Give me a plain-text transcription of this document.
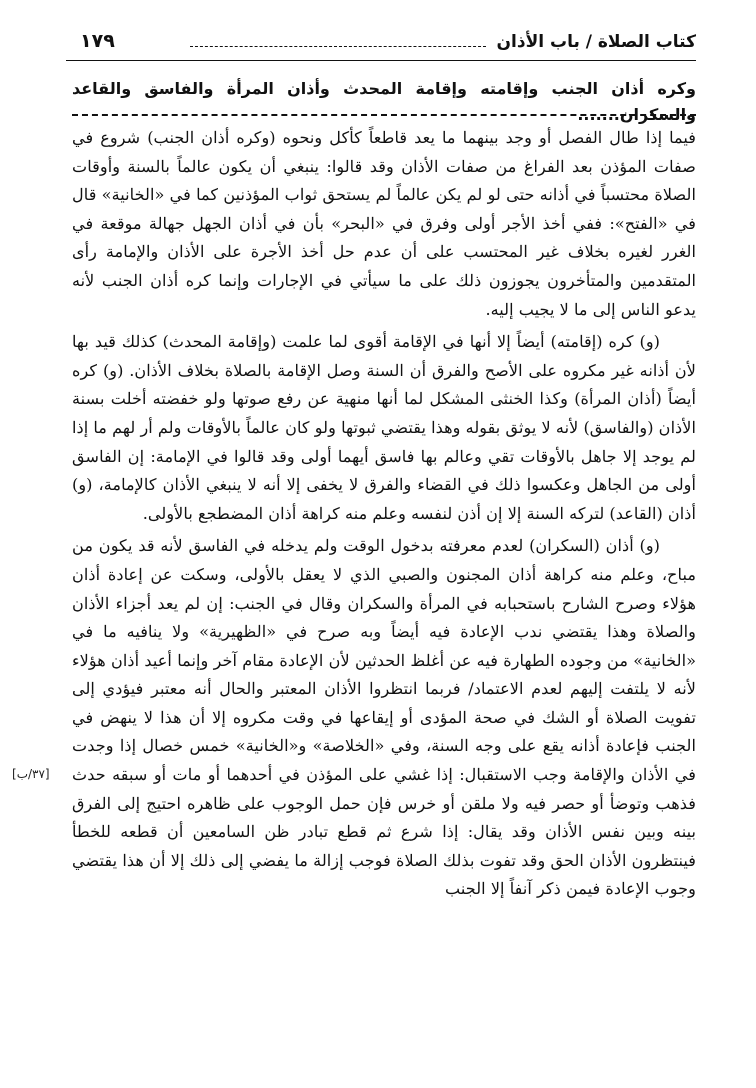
كتاب الصلاة / باب الأذان
١٧٩
وكره أذان الجنب وإقامته وإقامة المحدث وأذان المرأة والفاسق والقاعد والسكران.......

فيما إذا طال الفصل أو وجد بينهما ما يعد قاطعاً كأكل ونحوه (وكره أذان الجنب) شروع في صفات المؤذن بعد الفراغ من صفات الأذان وقد قالوا: ينبغي أن يكون عالماً بالسنة وأوقات الصلاة محتسباً في أذانه حتى لو لم يكن عالماً لم يستحق ثواب المؤذنين كما في «الخانية» قال في «الفتح»: ففي أخذ الأجر أولى وفرق في «البحر» بأن في أذان الجهل جهالة موقعة في الغرر لغيره بخلاف غير المحتسب على أن عدم حل أخذ الأجرة على الأذان والإمامة رأى المتقدمين والمتأخرون يجوزون ذلك على ما سيأتي في الإجارات وإنما كره أذان الجنب لأنه يدعو الناس إلى ما لا يجيب إليه.

(و) كره (إقامته) أيضاً إلا أنها في الإقامة أقوى لما علمت (وإقامة المحدث) كذلك قيد بها لأن أذانه غير مكروه على الأصح والفرق أن السنة وصل الإقامة بالصلاة بخلاف الأذان. (و) كره أيضاً (أذان المرأة) وكذا الخنثى المشكل لما أنها منهية عن رفع صوتها ولو خفضته أخلت بسنة الأذان (والفاسق) لأنه لا يوثق بقوله وهذا يقتضي ثبوتها ولو كان عالماً بالأوقات ولم أر لهم ما إذا لم يوجد إلا جاهل بالأوقات تقي وعالم بها فاسق أيهما أولى وقد قالوا في الإمامة: إن الفاسق أولى من الجاهل وعكسوا ذلك في القضاء والفرق لا يخفى إلا أنه لا ينبغي الأذان كالإمامة، (و) أذان (القاعد) لتركه السنة إلا إن أذن لنفسه وعلم منه كراهة أذان المضطجع بالأولى.

(و) أذان (السكران) لعدم معرفته بدخول الوقت ولم يدخله في الفاسق لأنه قد يكون من مباح، وعلم منه كراهة أذان المجنون والصبي الذي لا يعقل بالأولى، وسكت عن إعادة أذان هؤلاء وصرح الشارح باستحبابه في المرأة والسكران وقال في الجنب: إن لم يعد أجزاء الأذان والصلاة وهذا يقتضي ندب الإعادة فيه أيضاً وبه صرح في «الظهيرية» ولا ينافيه ما في «الخانية» من وجوده الطهارة فيه عن أغلظ الحدثين لأن الإعادة مقام آخر وإنما أعيد أذان هؤلاء لأنه لا يلتفت إليهم لعدم الاعتماد/ فربما انتظروا الأذان المعتبر والحال أنه معتبر فيؤدي إلى تفويت الصلاة أو الشك في صحة المؤدى أو إيقاعها في وقت مكروه إلا أن هذا لا ينهض في الجنب فإعادة أذانه يقع على وجه السنة، وفي «الخلاصة» و«الخانية» خمس خصال إذا وجدت في الأذان والإقامة وجب الاستقبال: إذا غشي على المؤذن في أحدهما أو مات أو سبقه حدث فذهب وتوضأ أو حصر فيه ولا ملقن أو خرس فإن حمل الوجوب على ظاهره احتيج إلى الفرق بينه وبين نفس الأذان وقد يقال: إذا شرع ثم قطع تبادر ظن السامعين أن قطعه للخطأ فينتظرون الأذان الحق وقد تفوت بذلك الصلاة فوجب إزالة ما يفضي إلى ذلك إلا أن هذا يقتضي وجوب الإعادة فيمن ذكر آنفاً إلا الجنب

[٣٧/ب]
